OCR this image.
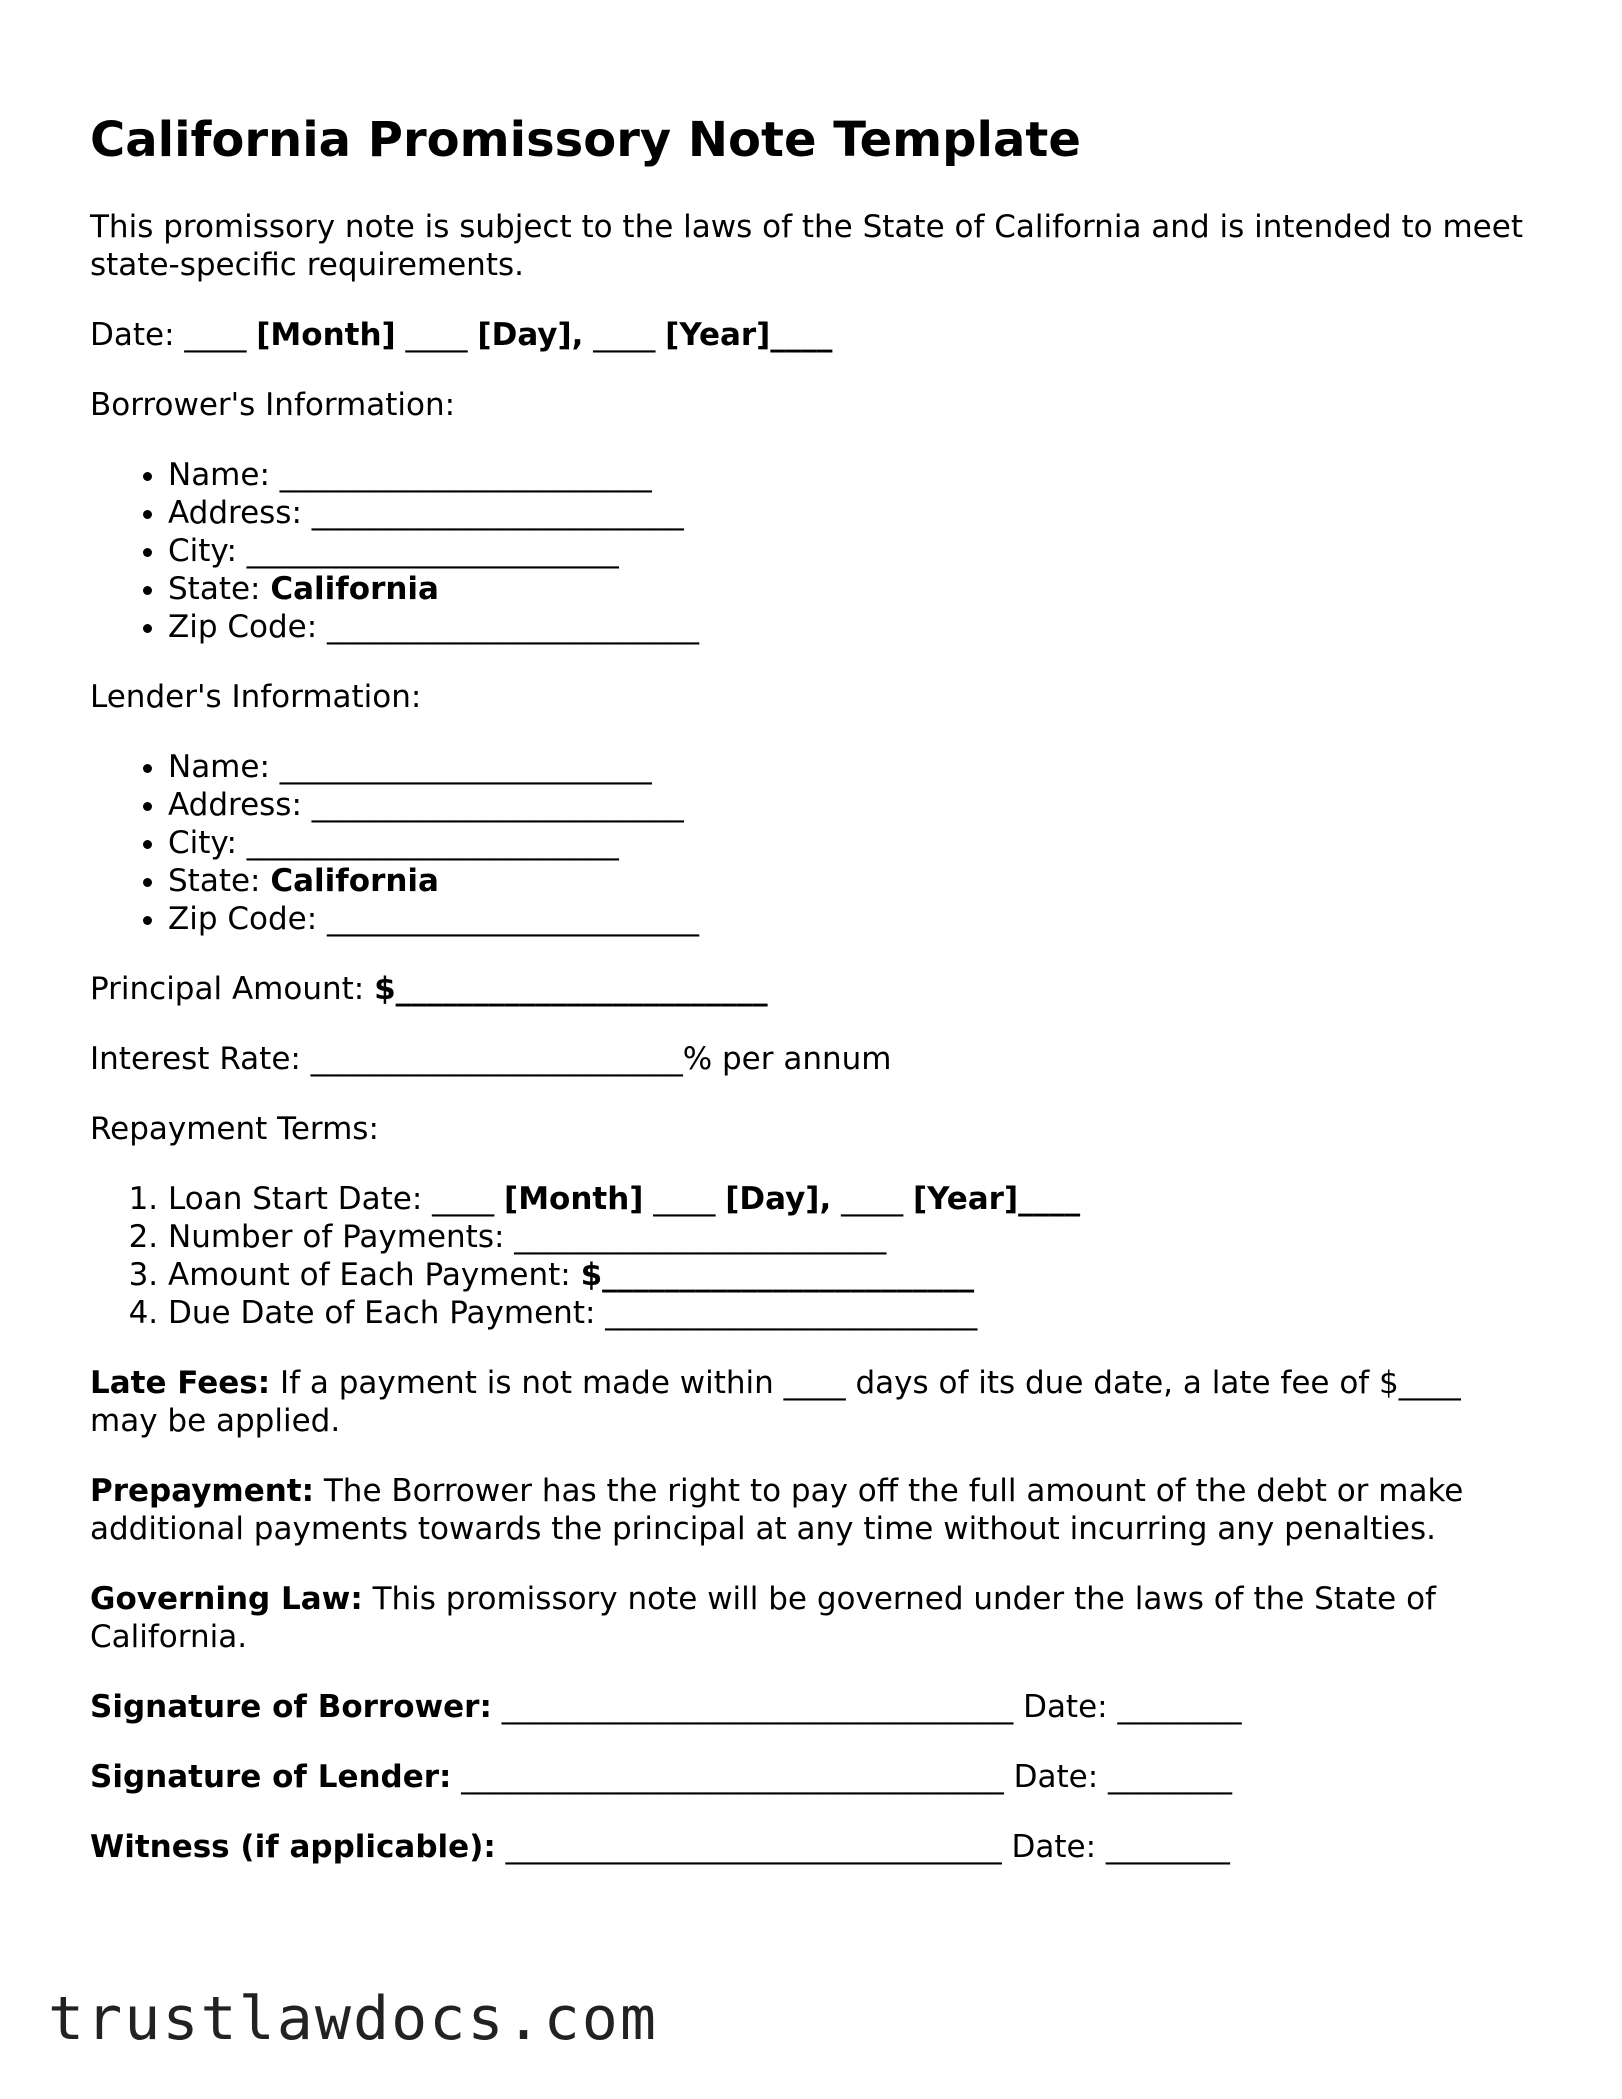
California Promissory Note Template

This promissory note is subject to the laws of the State of California and is intended to meet state-specific requirements.

Date: ____ [Month] ____ [Day], ____ [Year]____

Borrower's Information:

• Name: ________________________
• Address: ________________________
• City: ________________________
• State: California
• Zip Code: ________________________

Lender's Information:

• Name: ________________________
• Address: ________________________
• City: ________________________
• State: California
• Zip Code: ________________________

Principal Amount: $________________________

Interest Rate: ________________________% per annum

Repayment Terms:

1. Loan Start Date: ____ [Month] ____ [Day], ____ [Year]____
2. Number of Payments: ________________________
3. Amount of Each Payment: $________________________
4. Due Date of Each Payment: ________________________

Late Fees: If a payment is not made within ____ days of its due date, a late fee of $____ may be applied.

Prepayment: The Borrower has the right to pay off the full amount of the debt or make additional payments towards the principal at any time without incurring any penalties.

Governing Law: This promissory note will be governed under the laws of the State of California.

Signature of Borrower: _________________________________ Date: ________

Signature of Lender: ___________________________________ Date: ________

Witness (if applicable): ________________________________ Date: ________

trustlawdocs.com
